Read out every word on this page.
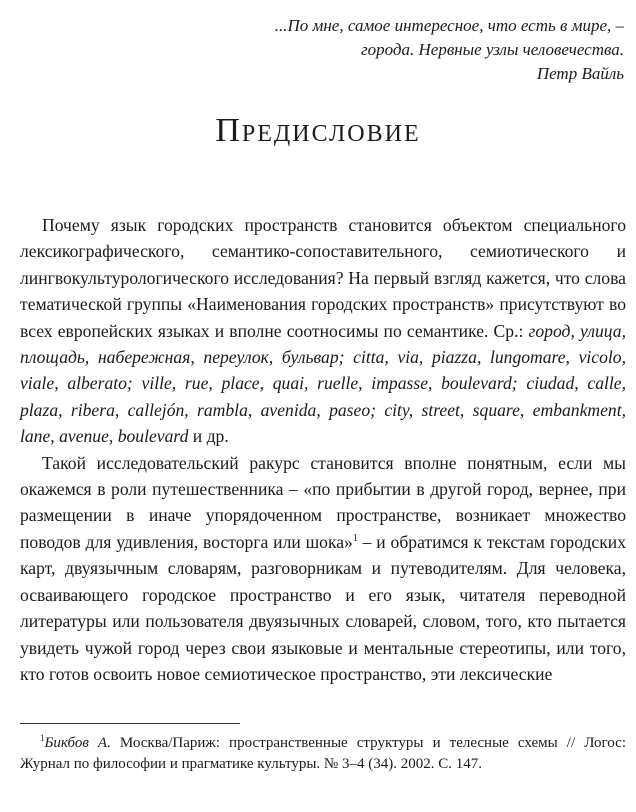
...По мне, самое интересное, что есть в мире, –
города. Нервные узлы человечества.
Петр Вайль
Предисловие

Почему язык городских пространств становится объектом специального лексикографического, семантико-сопоставительного, семиотического и лингвокультурологического исследования? На первый взгляд кажется, что слова тематической группы «Наименования городских пространств» присутствуют во всех европейских языках и вполне соотносимы по семантике. Ср.: город, улица, площадь, набережная, переулок, бульвар; citta, via, piazza, lungomare, vicolo, viale, alberato; ville, rue, place, quai, ruelle, impasse, boulevard; ciudad, calle, plaza, ribera, callejón, rambla, avenida, paseo; city, street, square, embankment, lane, avenue, boulevard и др.

Такой исследовательский ракурс становится вполне понятным, если мы окажемся в роли путешественника – «по прибытии в другой город, вернее, при размещении в иначе упорядоченном пространстве, возникает множество поводов для удивления, восторга или шока»$^1$ – и обратимся к текстам городских карт, двуязычным словарям, разговорникам и путеводителям. Для человека, осваивающего городское пространство и его язык, читателя переводной литературы или пользователя двуязычных словарей, словом, того, кто пытается увидеть чужой город через свои языковые и ментальные стереотипы, или того, кто готов освоить новое семиотическое пространство, эти лексические

$^1$Бикбов А. Москва/Париж: пространственные структуры и телесные схемы // Логос: Журнал по философии и прагматике культуры. № 3–4 (34). 2002. С. 147.
